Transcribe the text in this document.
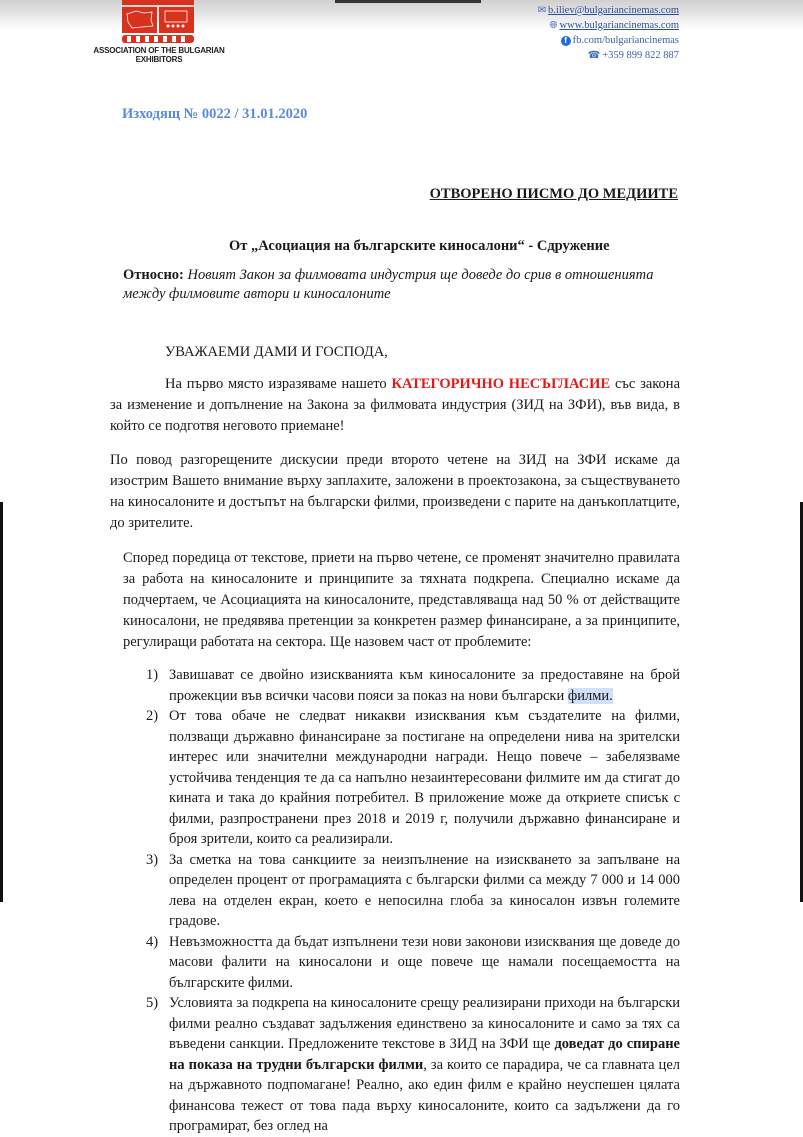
ASSOCIATION OF THE BULGARIAN EXHIBITORS
✉ b.iliev@bulgariancinemas.com
🌐︎ www.bulgariancinemas.com
f fb.com/bulgariancinemas
☎ +359 899 822 887
Изходящ № 0022 / 31.01.2020
ОТВОРЕНО ПИСМО ДО МЕДИИТЕ
От „Асоциация на българските киносалони“ - Сдружение
Относно: Новият Закон за филмовата индустрия ще доведе до срив в отношенията между филмовите автори и киносалоните
УВАЖАЕМИ ДАМИ И ГОСПОДА,

На първо място изразяваме нашето КАТЕГОРИЧНО НЕСЪГЛАСИЕ със закона за изменение и допълнение на Закона за филмовата индустрия (ЗИД на ЗФИ), във вида, в който се подготвя неговото приемане!

По повод разгорещените дискусии преди второто четене на ЗИД на ЗФИ искаме да изострим Вашето внимание върху заплахите, заложени в проектозакона, за съществуването на киносалоните и достъпът на български филми, произведени с парите на данъкоплатците, до зрителите.

Според поредица от текстове, приети на първо четене, се променят значително правилата за работа на киносалоните и принципите за тяхната подкрепа. Специално искаме да подчертаем, че Асоциацията на киносалоните, представляваща над 50 % от действащите киносалони, не предявява претенции за конкретен размер финансиране, а за принципите, регулиращи работата на сектора. Ще назовем част от проблемите:

1) Завишават се двойно изискванията към киносалоните за предоставяне на брой прожекции във всички часови пояси за показ на нови български филми.
2) От това обаче не следват никакви изисквания към създателите на филми, ползващи държавно финансиране за постигане на определени нива на зрителски интерес или значителни международни награди. Нещо повече – забелязваме устойчива тенденция те да са напълно незаинтересовани филмите им да стигат до кината и така до крайния потребител. В приложение може да откриете списък с филми, разпространени през 2018 и 2019 г, получили държавно финансиране и броя зрители, които са реализирали.
3) За сметка на това санкциите за неизпълнение на изискването за запълване на определен процент от програмацията с български филми са между 7 000 и 14 000 лева на отделен екран, което е непосилна глоба за киносалон извън големите градове.
4) Невъзможността да бъдат изпълнени тези нови законови изисквания ще доведе до масови фалити на киносалони и още повече ще намали посещаемостта на българските филми.
5) Условията за подкрепа на киносалоните срещу реализирани приходи на български филми реално създават задължения единствено за киносалоните и само за тях са въведени санкции. Предложените текстове в ЗИД на ЗФИ ще доведат до спиране на показа на трудни български филми, за които се парадира, че са главната цел на държавното подпомагане! Реално, ако един филм е крайно неуспешен цялата финансова тежест от това пада върху киносалоните, които са задължени да го програмират, без оглед на
